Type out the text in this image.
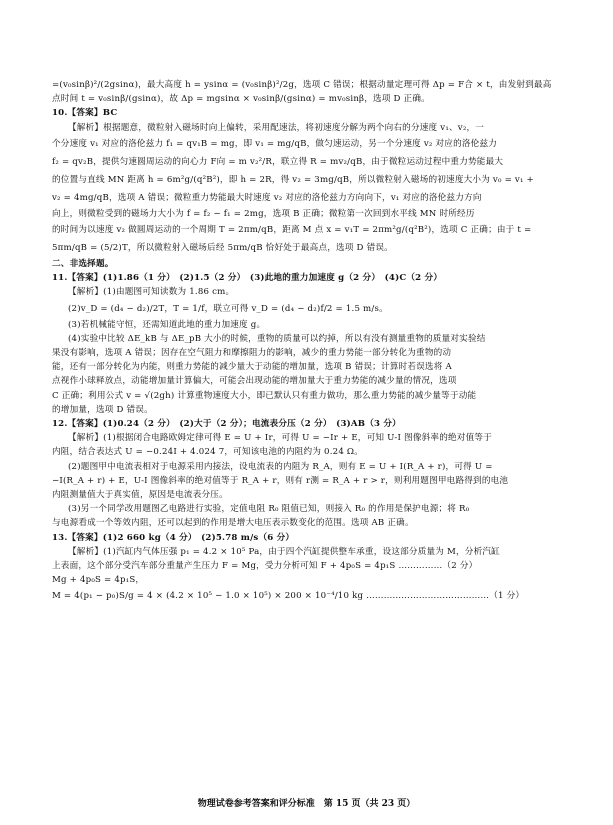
=(v₀sinβ)²/(2gsinα)，最大高度 h = ysinα = (v₀sinβ)²/2g，选项 C 错误；根据动量定理可得 Δp = F合 × t，由发射到最高
点时间 t = v₀sinβ/(gsinα)，故 Δp = mgsinα × v₀sinβ/(gsinα) = mv₀sinβ，选项 D 正确。
10.【答案】BC
【解析】根据题意，微粒射入磁场时向上偏转，采用配速法，将初速度分解为两个向右的分速度 v₁、v₂，一
个分速度 v₁ 对应的洛伦兹力 f₁ = qv₁B = mg，即 v₁ = mg/qB，做匀速运动，另一个分速度 v₂ 对应的洛伦兹力
f₂ = qv₂B，提供匀速圆周运动的向心力 F向 = m v₂²/R，联立得 R = mv₂/qB，由于微粒运动过程中重力势能最大
的位置与直线 MN 距离 h = 6m²g/(q²B²)，即 h = 2R，得 v₂ = 3mg/qB，所以微粒射入磁场的初速度大小为 v₀ = v₁ +
v₂ = 4mg/qB，选项 A 错误；微粒重力势能最大时速度 v₂ 对应的洛伦兹力方向向下，v₁ 对应的洛伦兹力方向
向上，则微粒受到的磁场力大小为 f = f₂ − f₁ = 2mg，选项 B 正确；微粒第一次回到水平线 MN 时所经历
的时间为以速度 v₂ 做圆周运动的一个周期 T = 2πm/qB，距离 M 点 x = v₁T = 2πm²g/(q²B²)，选项 C 正确；由于 t =
5πm/qB = (5/2)T，所以微粒射入磁场后经 5πm/qB 恰好处于最高点，选项 D 错误。
二、非选择题。
11.【答案】(1)1.86（1 分）　(2)1.5（2 分）　(3)此地的重力加速度 g（2 分）　(4)C（2 分）
【解析】(1)由题图可知读数为 1.86 cm。
(2)v_D = (d₄ − d₂)/2T，T = 1/f，联立可得 v_D = (d₄ − d₂)f/2 = 1.5 m/s。
(3)若机械能守恒，还需知道此地的重力加速度 g。
(4)实验中比较 ΔE_kB 与 ΔE_pB 大小的时候，重物的质量可以约掉，所以有没有测量重物的质量对实验结
果没有影响，选项 A 错误；因存在空气阻力和摩擦阻力的影响，减少的重力势能一部分转化为重物的动
能，还有一部分转化为内能，则重力势能的减少量大于动能的增加量，选项 B 错误；计算时若误选将 A
点视作小球释放点，动能增加量计算偏大，可能会出现动能的增加量大于重力势能的减少量的情况，选项
C 正确；利用公式 v = √(2gh) 计算重物速度大小，即已默认只有重力做功，那么重力势能的减少量等于动能
的增加量，选项 D 错误。
12.【答案】(1)0.24（2 分）　(2)大于（2 分）；电流表分压（2 分）　(3)AB（3 分）
【解析】(1)根据闭合电路欧姆定律可得 E = U + Ir，可得 U = −Ir + E，可知 U-I 图像斜率的绝对值等于
内阻，结合表达式 U = −0.24I + 4.024 7，可知该电池的内阻约为 0.24 Ω。
(2)题图甲中电流表相对于电源采用内接法，设电流表的内阻为 R_A，则有 E = U + I(R_A + r)，可得 U =
−I(R_A + r) + E，U-I 图像斜率的绝对值等于 R_A + r，则有 r测 = R_A + r > r，则利用题图甲电路得到的电池
内阻测量值大于真实值，原因是电流表分压。
(3)另一个同学改用题图乙电路进行实验，定值电阻 R₀ 阻值已知，则接入 R₀ 的作用是保护电源；将 R₀
与电源看成一个等效内阻，还可以起到的作用是增大电压表示数变化的范围。选项 AB 正确。
13.【答案】(1)2 660 kg（4 分）　(2)5.78 m/s（6 分）
【解析】(1)汽缸内气体压强 p₁ = 4.2 × 10⁵ Pa，由于四个汽缸提供整车承重，设这部分质量为 M，分析汽缸
上表面，这个部分受汽车部分重量产生压力 F = Mg，受力分析可知 F + 4p₀S = 4p₁S ……………（2 分）
Mg + 4p₀S = 4p₁S，
M = 4(p₁ − p₀)S/g = 4 × (4.2 × 10⁵ − 1.0 × 10⁵) × 200 × 10⁻⁴/10 kg ……………………………………（1 分）
物理试卷参考答案和评分标准　第 15 页（共 23 页）
